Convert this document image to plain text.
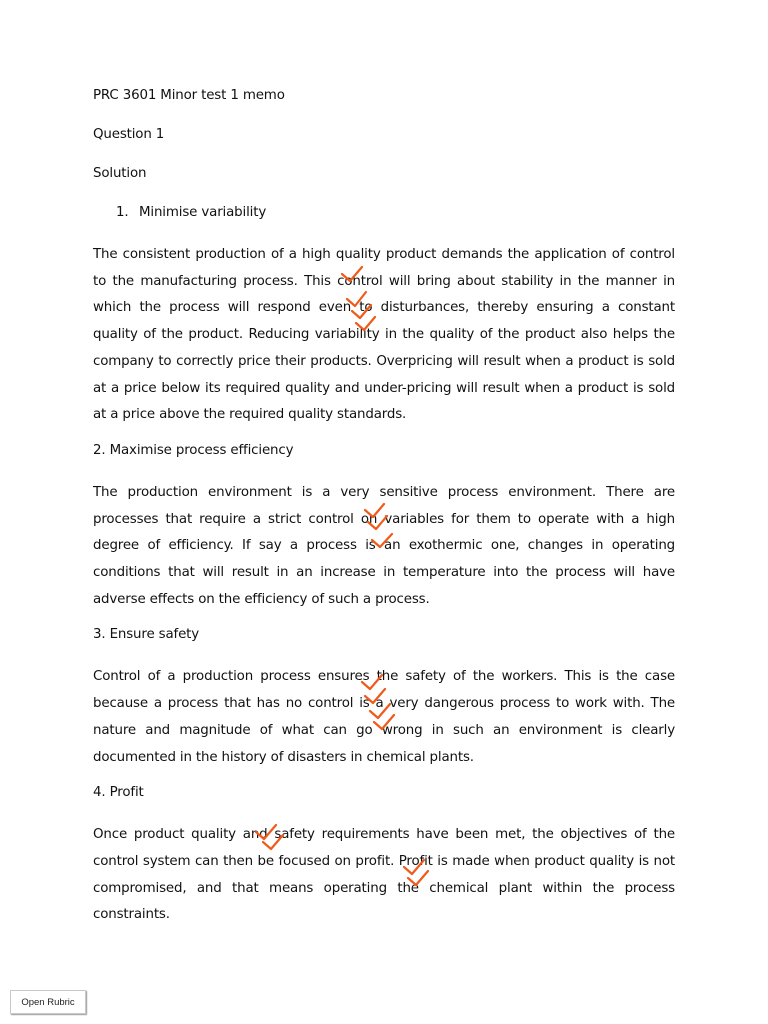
PRC 3601 Minor test 1 memo

Question 1

Solution

1. Minimise variability

The consistent production of a high quality product demands the application of control to the manufacturing process. This control will bring about stability in the manner in which the process will respond even to disturbances, thereby ensuring a constant quality of the product. Reducing variability in the quality of the product also helps the company to correctly price their products. Overpricing will result when a product is sold at a price below its required quality and under-pricing will result when a product is sold at a price above the required quality standards.

2. Maximise process efficiency

The production environment is a very sensitive process environment. There are processes that require a strict control on variables for them to operate with a high degree of efficiency. If say a process is an exothermic one, changes in operating conditions that will result in an increase in temperature into the process will have adverse effects on the efficiency of such a process.

3. Ensure safety

Control of a production process ensures the safety of the workers. This is the case because a process that has no control is a very dangerous process to work with. The nature and magnitude of what can go wrong in such an environment is clearly documented in the history of disasters in chemical plants.

4. Profit

Once product quality and safety requirements have been met, the objectives of the control system can then be focused on profit. Profit is made when product quality is not compromised, and that means operating the chemical plant within the process constraints.

Open Rubric
